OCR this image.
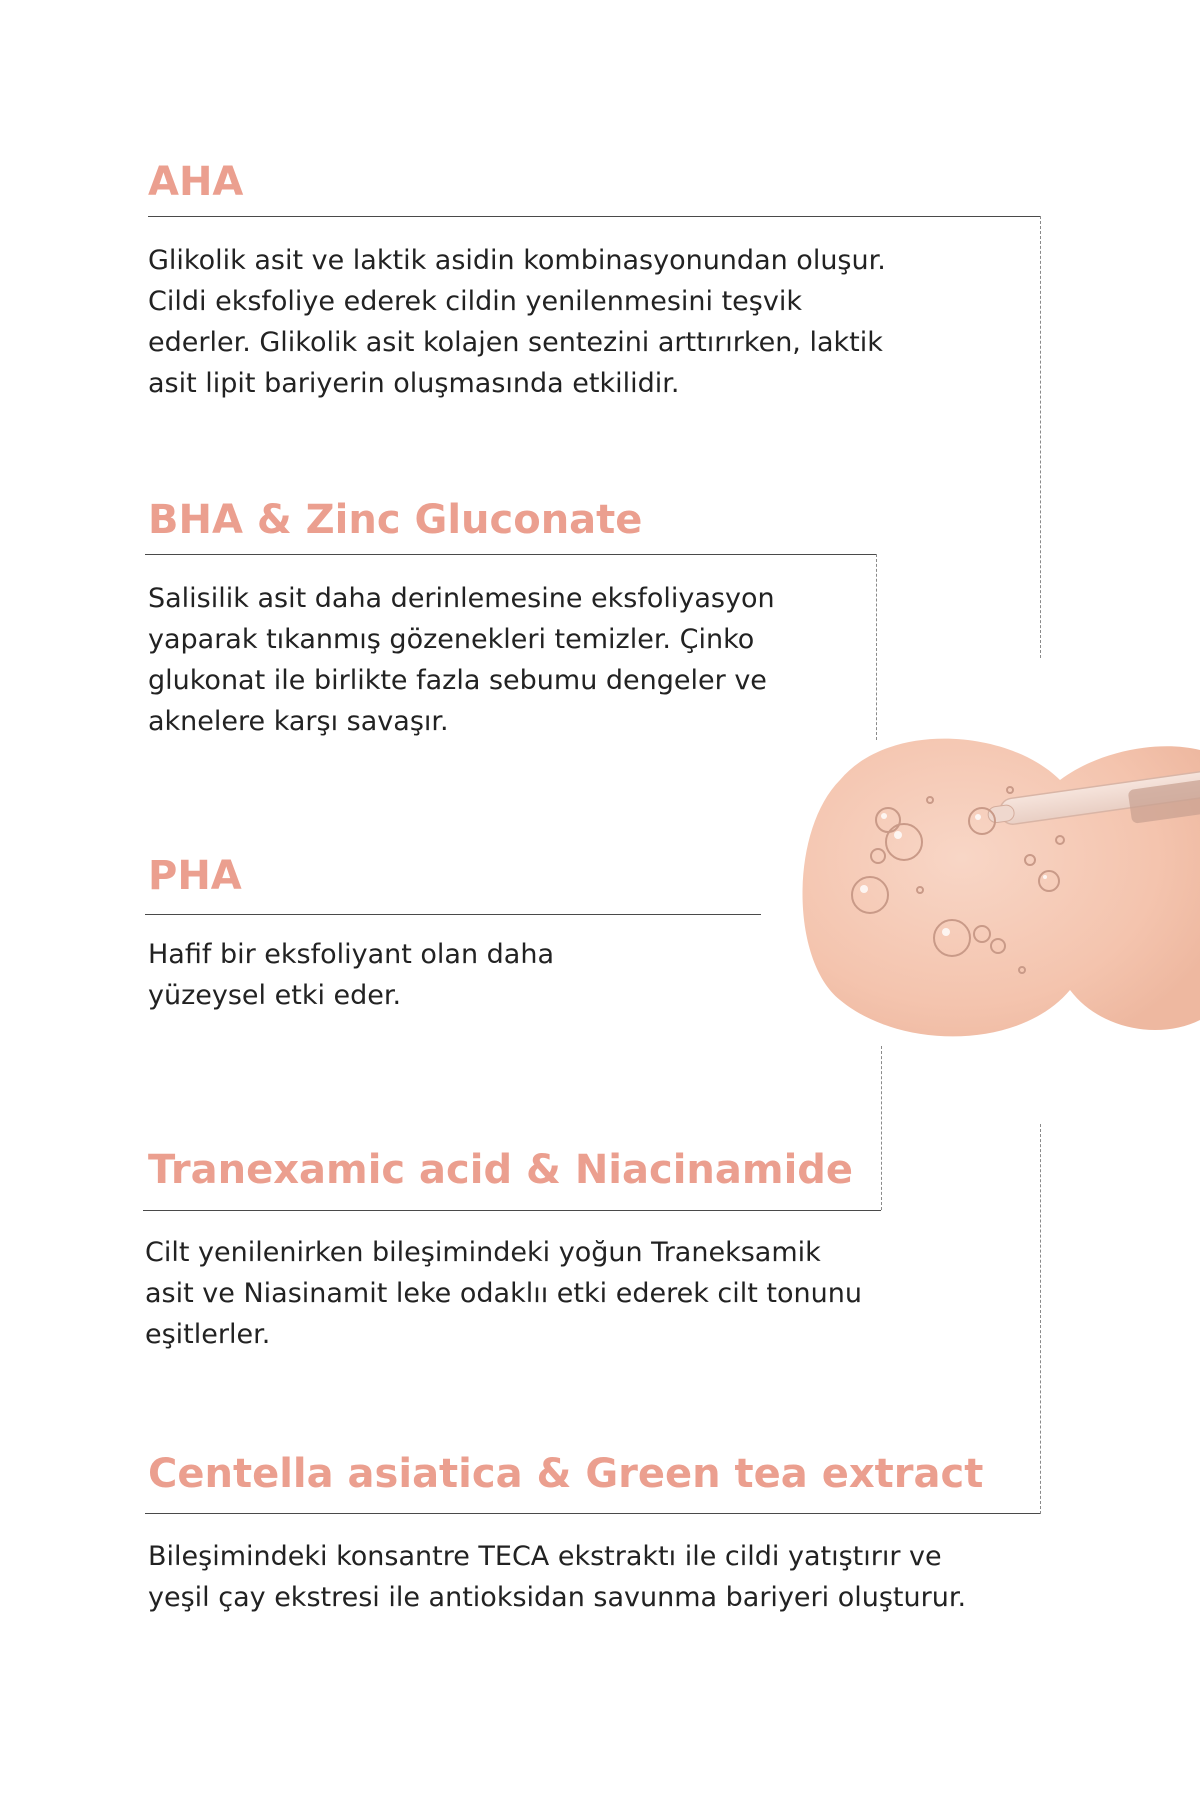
AHA

Glikolik asit ve laktik asidin kombinasyonundan oluşur. Cildi eksfoliye ederek cildin yenilenmesini teşvik ederler. Glikolik asit kolajen sentezini arttırırken, laktik asit lipit bariyerin oluşmasında etkilidir.

BHA & Zinc Gluconate

Salisilik asit daha derinlemesine eksfoliyasyon yaparak tıkanmış gözenekleri temizler. Çinko glukonat ile birlikte fazla sebumu dengeler ve aknelere karşı savaşır.

PHA

Hafif bir eksfoliyant olan daha yüzeysel etki eder.

Tranexamic acid & Niacinamide

Cilt yenilenirken bileşimindeki yoğun Traneksamik asit ve Niasinamit leke odaklıı etki ederek cilt tonunu eşitlerler.

Centella asiatica & Green tea extract

Bileşimindeki konsantre TECA ekstraktı ile cildi yatıştırır ve yeşil çay ekstresi ile antioksidan savunma bariyeri oluşturur.
